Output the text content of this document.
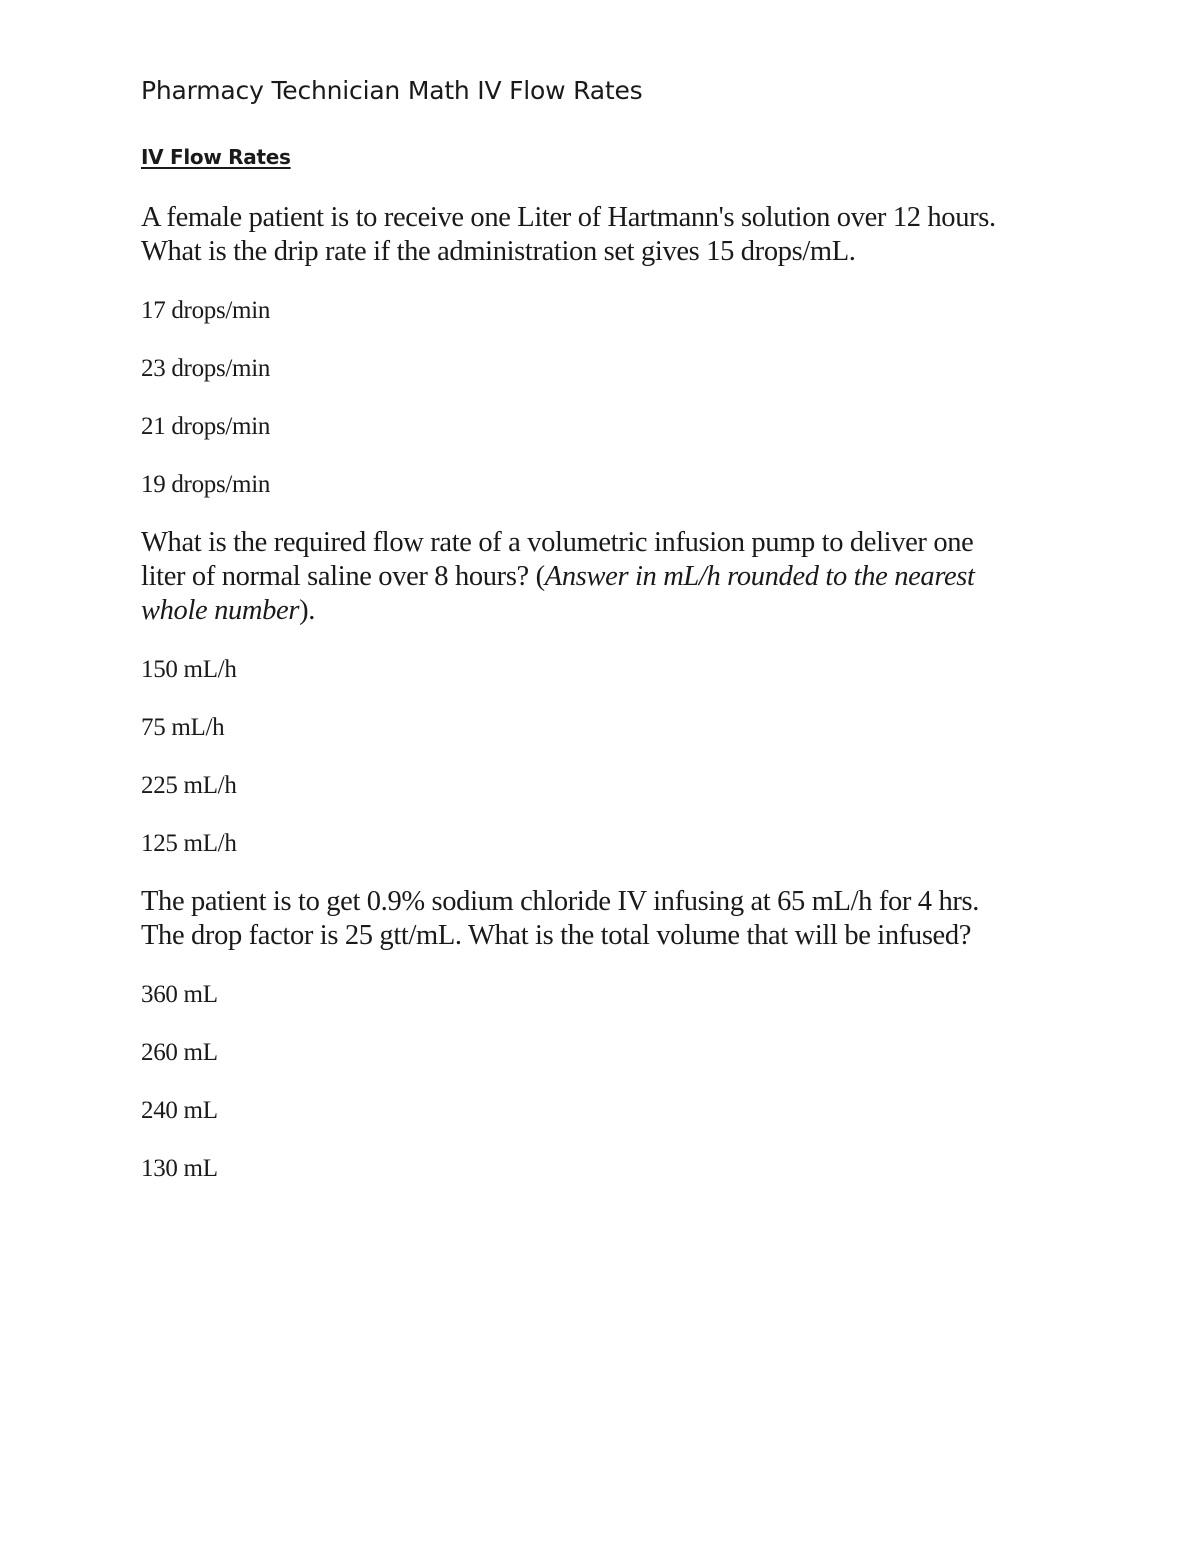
Pharmacy Technician Math IV Flow Rates
IV Flow Rates

A female patient is to receive one Liter of Hartmann's solution over 12 hours.
What is the drip rate if the administration set gives 15 drops/mL.

17 drops/min
23 drops/min
21 drops/min
19 drops/min

What is the required flow rate of a volumetric infusion pump to deliver one
liter of normal saline over 8 hours? (Answer in mL/h rounded to the nearest
whole number).

150 mL/h
75 mL/h
225 mL/h
125 mL/h

The patient is to get 0.9% sodium chloride IV infusing at 65 mL/h for 4 hrs.
The drop factor is 25 gtt/mL. What is the total volume that will be infused?

360 mL
260 mL
240 mL
130 mL
